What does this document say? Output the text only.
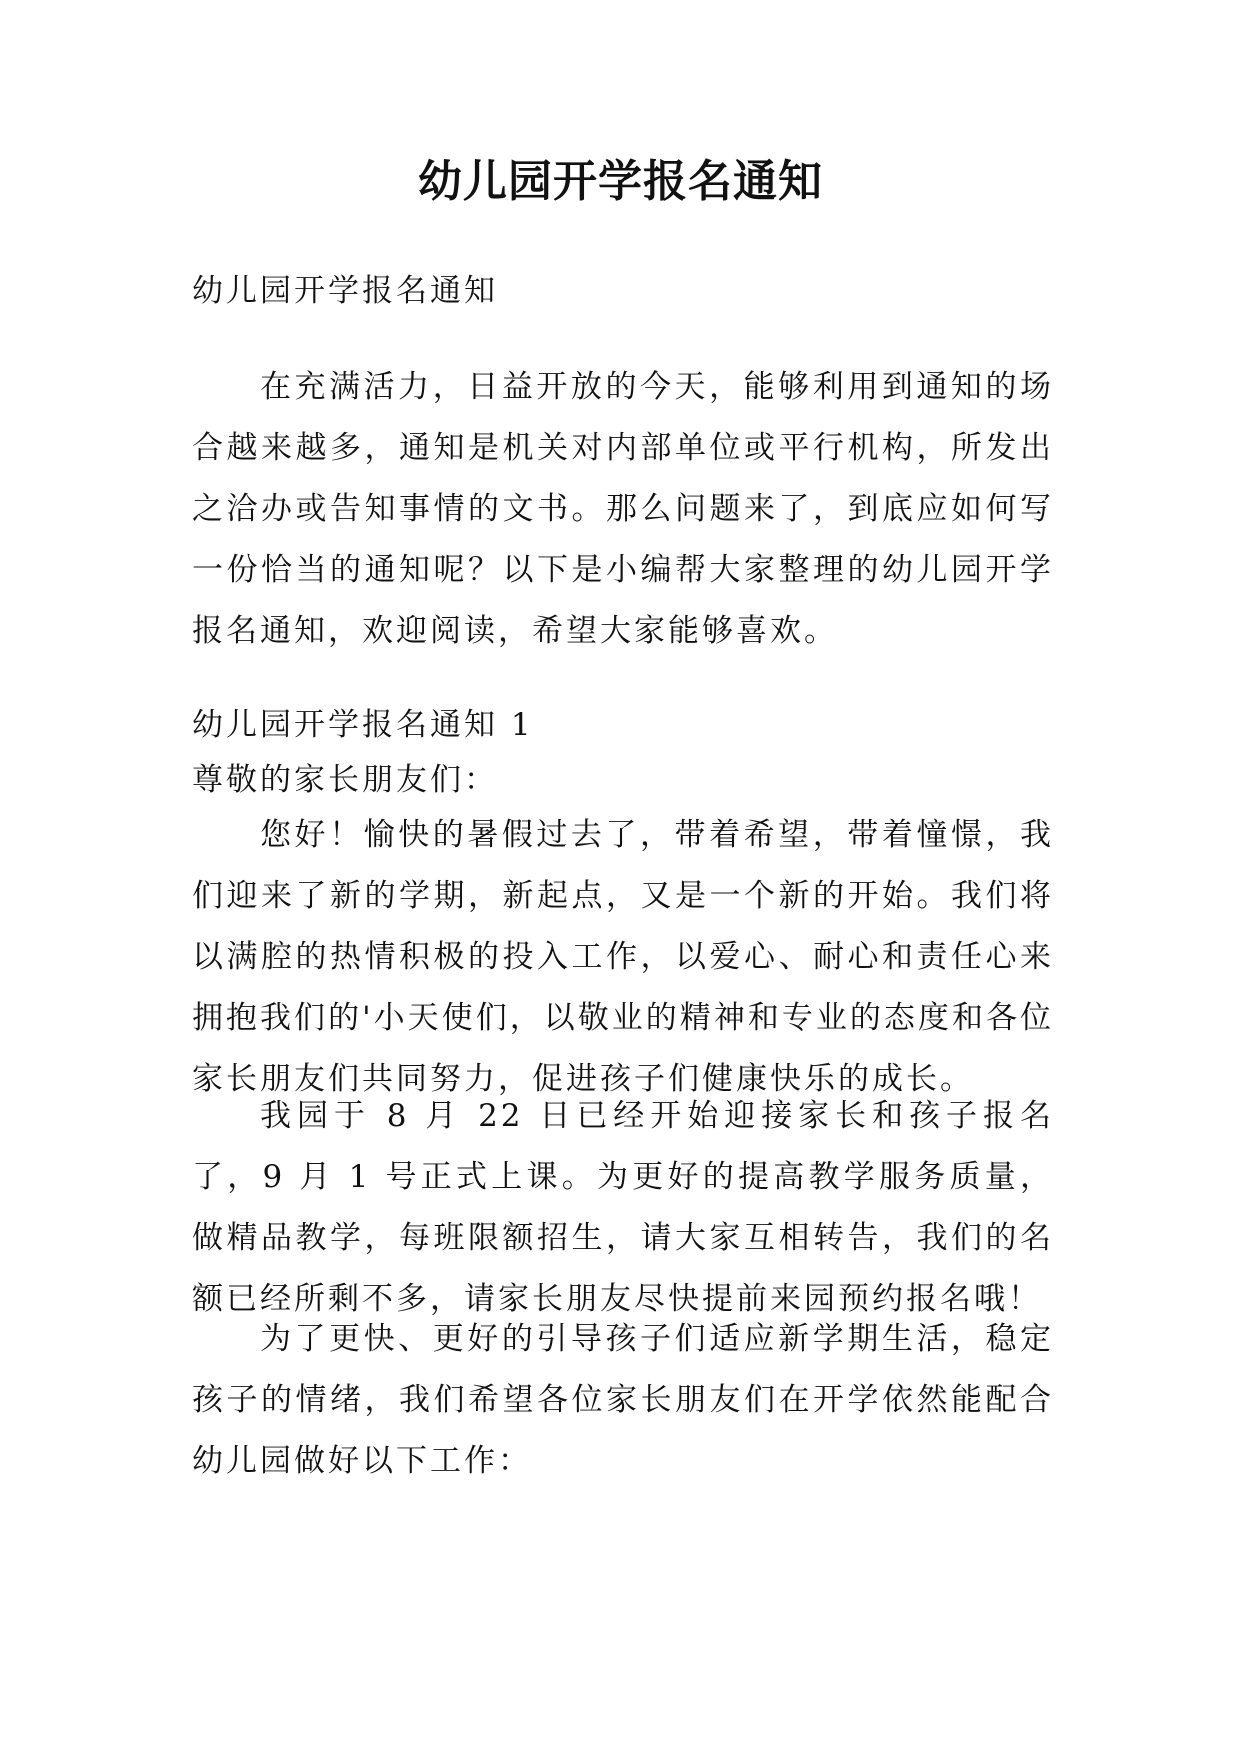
幼儿园开学报名通知

幼儿园开学报名通知

在充满活力，日益开放的今天，能够利用到通知的场合越来越多，通知是机关对内部单位或平行机构，所发出之洽办或告知事情的文书。那么问题来了，到底应如何写一份恰当的通知呢？以下是小编帮大家整理的幼儿园开学报名通知，欢迎阅读，希望大家能够喜欢。

幼儿园开学报名通知 1

尊敬的家长朋友们：

您好！愉快的暑假过去了，带着希望，带着憧憬，我们迎来了新的学期，新起点，又是一个新的开始。我们将以满腔的热情积极的投入工作，以爱心、耐心和责任心来拥抱我们的'小天使们，以敬业的精神和专业的态度和各位家长朋友们共同努力，促进孩子们健康快乐的成长。

我园于 8 月 22 日已经开始迎接家长和孩子报名了，9 月 1 号正式上课。为更好的提高教学服务质量，做精品教学，每班限额招生，请大家互相转告，我们的名额已经所剩不多，请家长朋友尽快提前来园预约报名哦！

为了更快、更好的引导孩子们适应新学期生活，稳定孩子的情绪，我们希望各位家长朋友们在开学依然能配合幼儿园做好以下工作：
